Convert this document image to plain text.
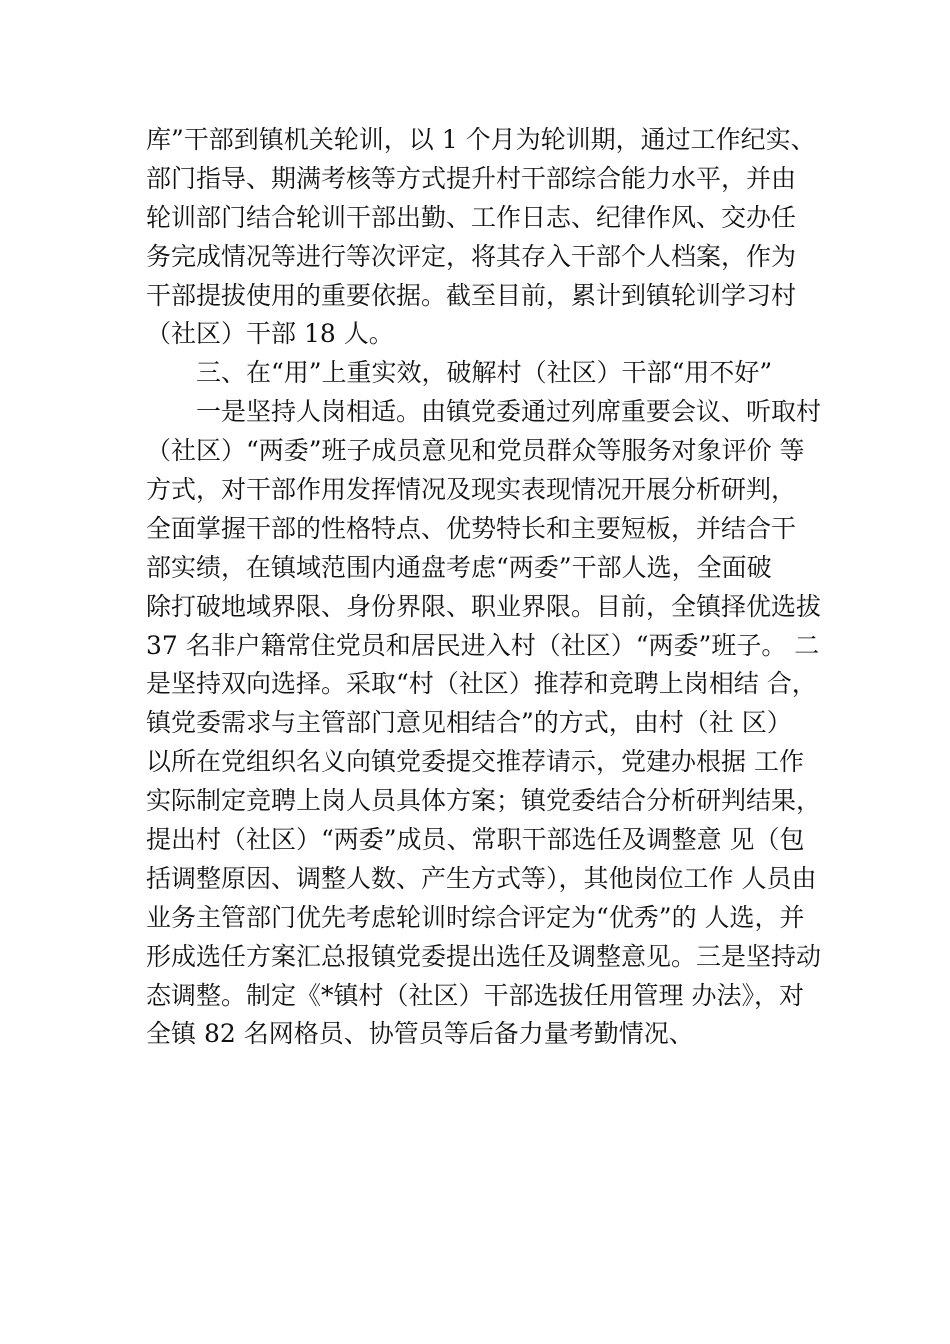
库”干部到镇机关轮训，以 1 个月为轮训期，通过工作纪实、
部门指导、期满考核等方式提升村干部综合能力水平，并由
轮训部门结合轮训干部出勤、工作日志、纪律作风、交办任
务完成情况等进行等次评定，将其存入干部个人档案，作为
干部提拔使用的重要依据。截至目前，累计到镇轮训学习村
（社区）干部 18 人。
三、在“用”上重实效，破解村（社区）干部“用不好”
一是坚持人岗相适。由镇党委通过列席重要会议、听取村
（社区）“两委”班子成员意见和党员群众等服务对象评价 等
方式，对干部作用发挥情况及现实表现情况开展分析研判，
全面掌握干部的性格特点、优势特长和主要短板，并结合干
部实绩，在镇域范围内通盘考虑“两委”干部人选，全面破
除打破地域界限、身份界限、职业界限。目前，全镇择优选拔
37 名非户籍常住党员和居民进入村（社区）“两委”班子。 二
是坚持双向选择。采取“村（社区）推荐和竞聘上岗相结 合，
镇党委需求与主管部门意见相结合”的方式，由村（社 区）
以所在党组织名义向镇党委提交推荐请示，党建办根据 工作
实际制定竞聘上岗人员具体方案；镇党委结合分析研判结果，
提出村（社区）“两委”成员、常职干部选任及调整意 见（包
括调整原因、调整人数、产生方式等），其他岗位工作 人员由
业务主管部门优先考虑轮训时综合评定为“优秀”的 人选，并
形成选任方案汇总报镇党委提出选任及调整意见。三是坚持动
态调整。制定《*镇村（社区）干部选拔任用管理 办法》，对
全镇 82 名网格员、协管员等后备力量考勤情况、
